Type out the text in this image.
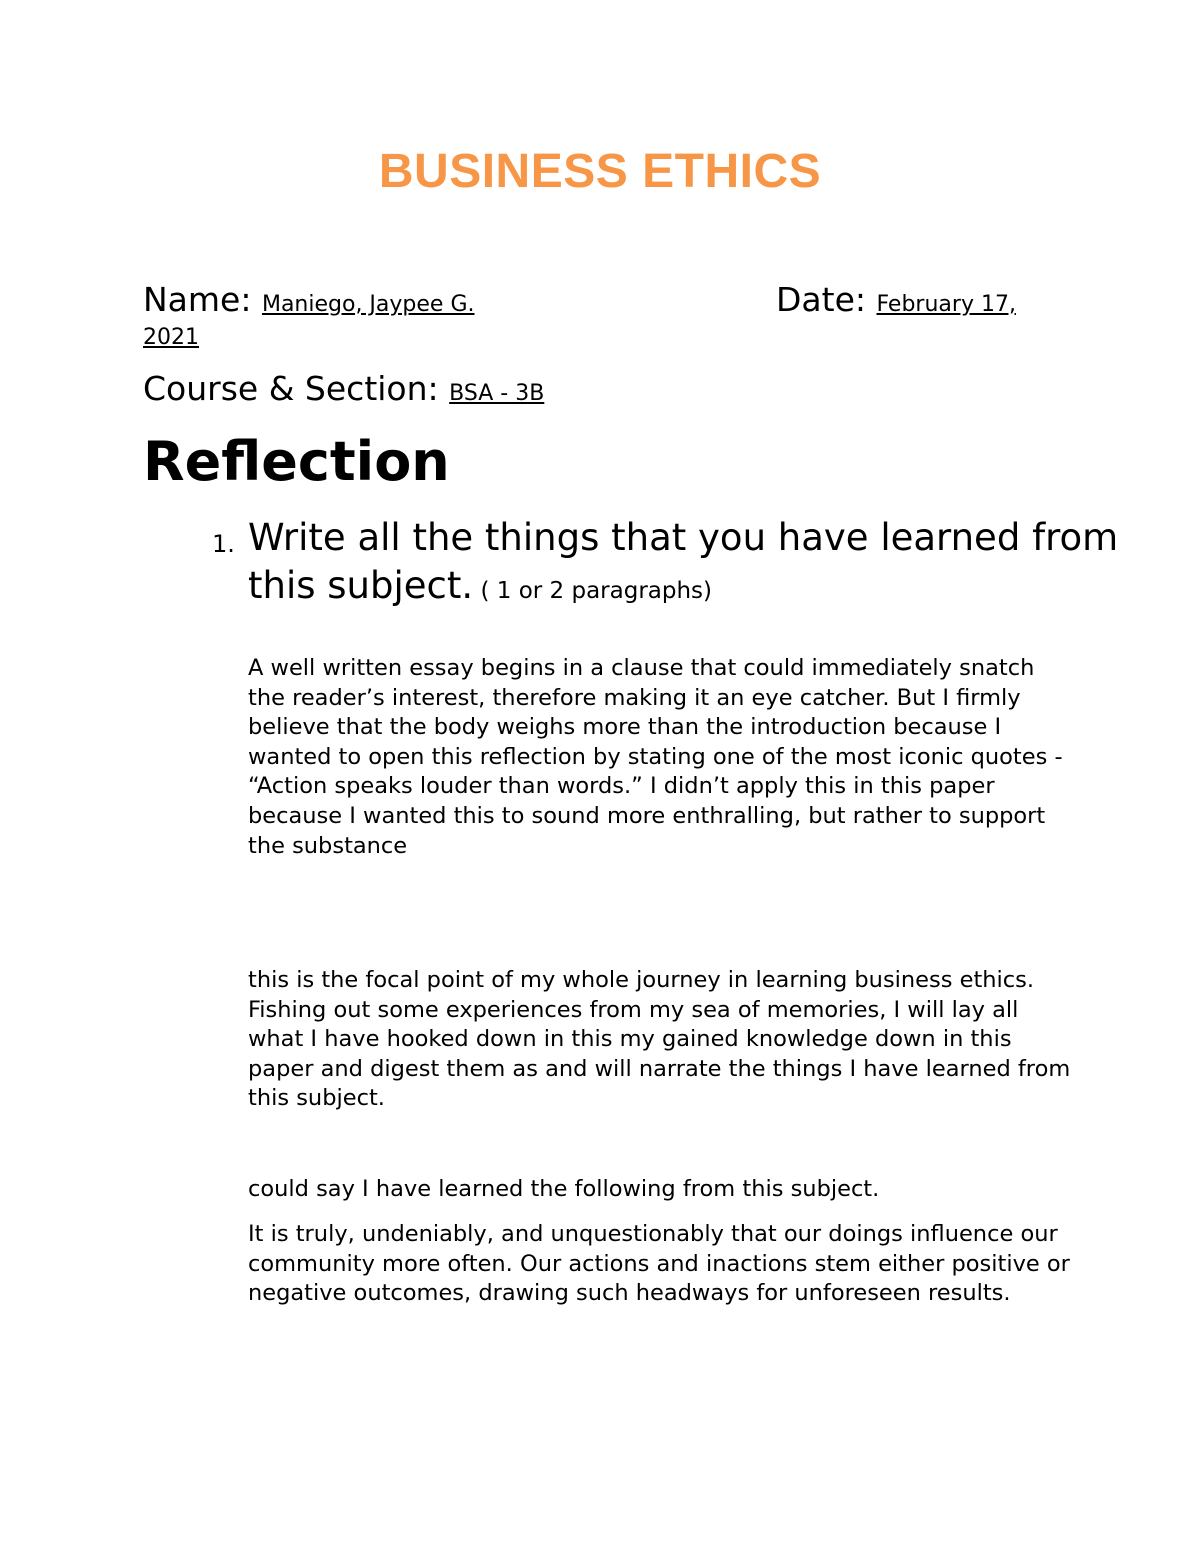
BUSINESS ETHICS
Name: Maniego, Jaypee G.	Date: February 17,
2021
Course & Section: BSA - 3B
Reflection
1. Write all the things that you have learned from this subject. ( 1 or 2 paragraphs)

A well written essay begins in a clause that could immediately snatch the reader’s interest, therefore making it an eye catcher. But I firmly believe that the body weighs more than the introduction because I wanted to open this reflection by stating one of the most iconic quotes - “Action speaks louder than words.” I didn’t apply this in this paper because I wanted this to sound more enthralling, but rather to support the substance

this is the focal point of my whole journey in learning business ethics. Fishing out some experiences from my sea of memories, I will lay all what I have hooked down in this my gained knowledge down in this paper and digest them as and will narrate the things I have learned from this subject.

could say I have learned the following from this subject.

It is truly, undeniably, and unquestionably that our doings influence our community more often. Our actions and inactions stem either positive or negative outcomes, drawing such headways for unforeseen results.
